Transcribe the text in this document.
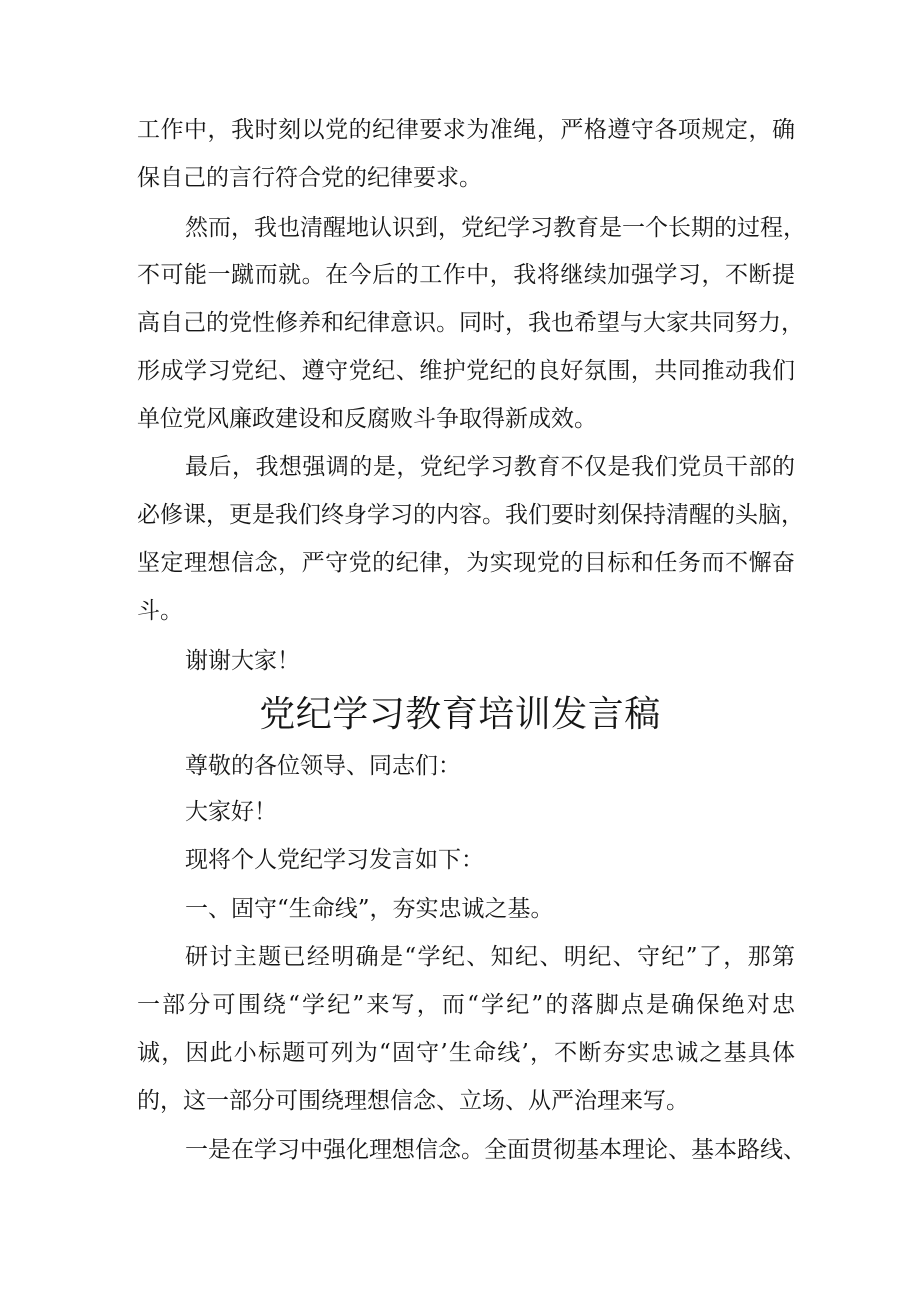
工作中，我时刻以党的纪律要求为准绳，严格遵守各项规定，确
保自己的言行符合党的纪律要求。
然而，我也清醒地认识到，党纪学习教育是一个长期的过程，
不可能一蹴而就。在今后的工作中，我将继续加强学习，不断提
高自己的党性修养和纪律意识。同时，我也希望与大家共同努力，
形成学习党纪、遵守党纪、维护党纪的良好氛围，共同推动我们
单位党风廉政建设和反腐败斗争取得新成效。
最后，我想强调的是，党纪学习教育不仅是我们党员干部的
必修课，更是我们终身学习的内容。我们要时刻保持清醒的头脑，
坚定理想信念，严守党的纪律，为实现党的目标和任务而不懈奋
斗。
谢谢大家！
党纪学习教育培训发言稿
尊敬的各位领导、同志们：
大家好！
现将个人党纪学习发言如下：
一、固守“生命线”，夯实忠诚之基。
研讨主题已经明确是“学纪、知纪、明纪、守纪”了，那第
一部分可围绕“学纪”来写，而“学纪”的落脚点是确保绝对忠
诚，因此小标题可列为“固守’生命线’，不断夯实忠诚之基具体
的，这一部分可围绕理想信念、立场、从严治理来写。
一是在学习中强化理想信念。全面贯彻基本理论、基本路线、
